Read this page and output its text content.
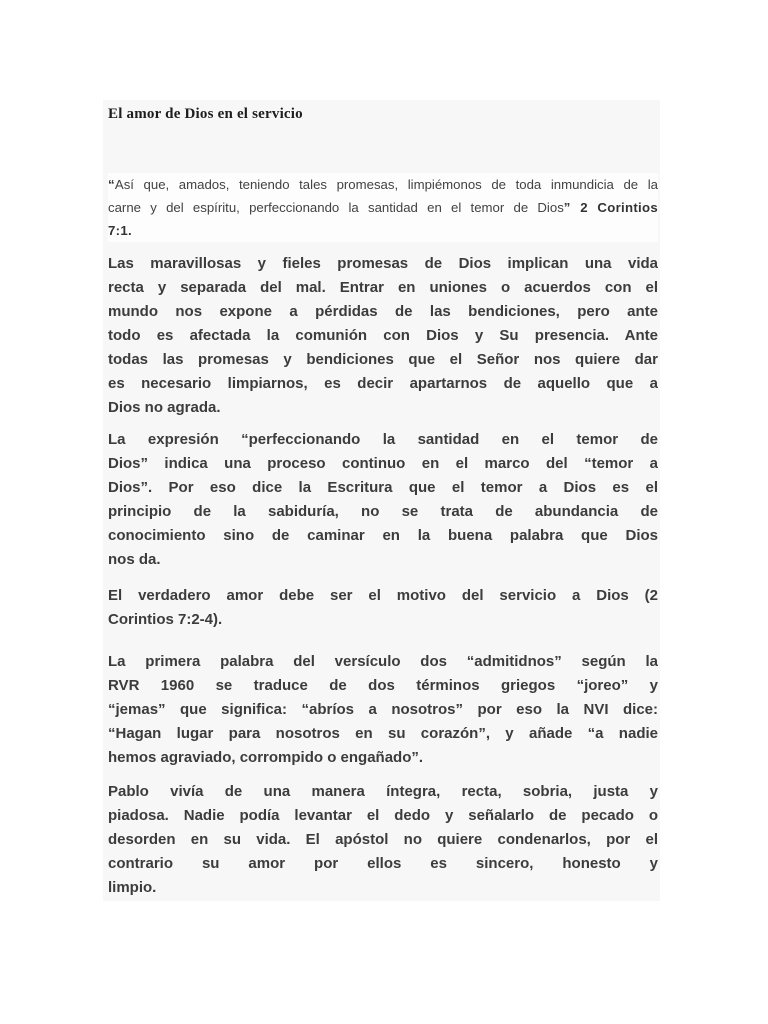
El amor de Dios en el servicio
“Así que, amados, teniendo tales promesas, limpiémonos de toda inmundicia de la
carne y del espíritu, perfeccionando la santidad en el temor de Dios” 2 Corintios
7:1.
Las maravillosas y fieles promesas de Dios implican una vida
recta y separada del mal. Entrar en uniones o acuerdos con el
mundo nos expone a pérdidas de las bendiciones, pero ante
todo es afectada la comunión con Dios y Su presencia. Ante
todas las promesas y bendiciones que el Señor nos quiere dar
es necesario limpiarnos, es decir apartarnos de aquello que a
Dios no agrada.
La expresión “perfeccionando la santidad en el temor de
Dios” indica una proceso continuo en el marco del “temor a
Dios”. Por eso dice la Escritura que el temor a Dios es el
principio de la sabiduría, no se trata de abundancia de
conocimiento sino de caminar en la buena palabra que Dios
nos da.
El verdadero amor debe ser el motivo del servicio a Dios (2
Corintios 7:2-4).
La primera palabra del versículo dos “admitidnos” según la
RVR 1960 se traduce de dos términos griegos “joreo” y
“jemas” que significa: “abríos a nosotros” por eso la NVI dice:
“Hagan lugar para nosotros en su corazón”, y añade “a nadie
hemos agraviado, corrompido o engañado”.
Pablo vivía de una manera íntegra, recta, sobria, justa y
piadosa. Nadie podía levantar el dedo y señalarlo de pecado o
desorden en su vida. El apóstol no quiere condenarlos, por el
contrario su amor por ellos es sincero, honesto y
limpio.
